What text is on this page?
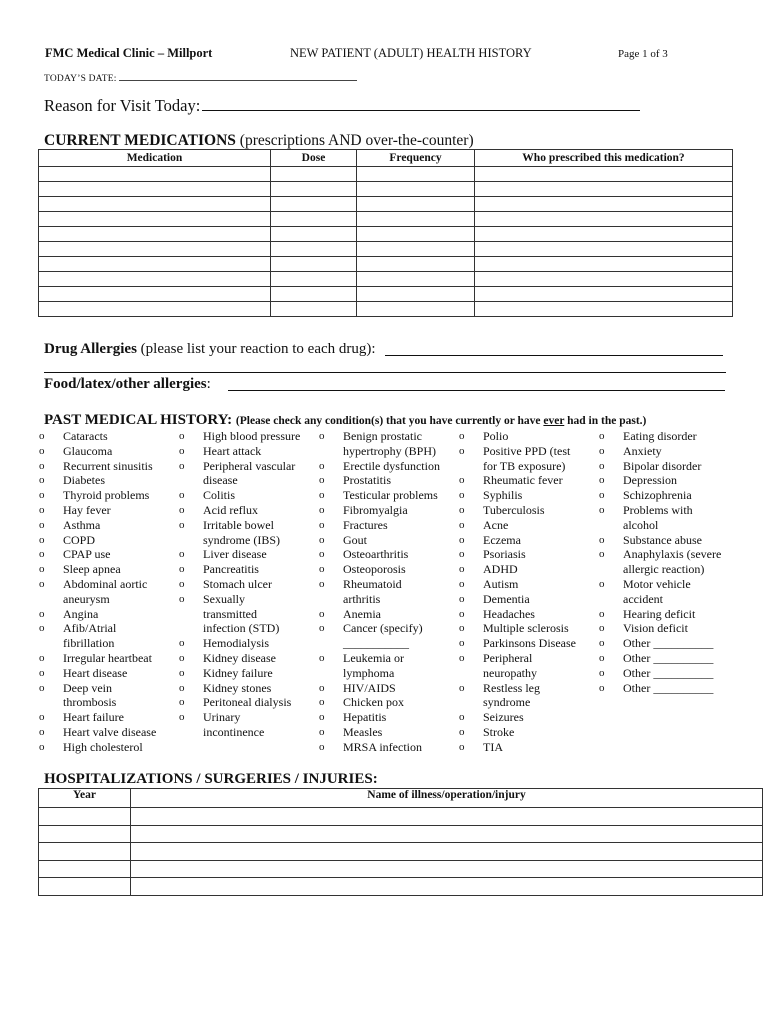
FMC Medical Clinic – Millport	NEW PATIENT (ADULT) HEALTH HISTORY	Page 1 of 3
TODAY’S DATE:
Reason for Visit Today:
CURRENT MEDICATIONS (prescriptions AND over-the-counter)
Medication	Dose	Frequency	Who prescribed this medication?

Drug Allergies (please list your reaction to each drug):
Food/latex/other allergies:
PAST MEDICAL HISTORY: (Please check any condition(s) that you have currently or have ever had in the past.)
o Cataracts
o Glaucoma
o Recurrent sinusitis
o Diabetes
o Thyroid problems
o Hay fever
o Asthma
o COPD
o CPAP use
o Sleep apnea
o Abdominal aortic
aneurysm
o Angina
o Afib/Atrial
fibrillation
o Irregular heartbeat
o Heart disease
o Deep vein
thrombosis
o Heart failure
o Heart valve disease
o High cholesterol
o High blood pressure
o Heart attack
o Peripheral vascular
disease
o Colitis
o Acid reflux
o Irritable bowel
syndrome (IBS)
o Liver disease
o Pancreatitis
o Stomach ulcer
o Sexually
transmitted
infection (STD)
o Hemodialysis
o Kidney disease
o Kidney failure
o Kidney stones
o Peritoneal dialysis
o Urinary
incontinence
o Benign prostatic
hypertrophy (BPH)
o Erectile dysfunction
o Prostatitis
o Testicular problems
o Fibromyalgia
o Fractures
o Gout
o Osteoarthritis
o Osteoporosis
o Rheumatoid
arthritis
o Anemia
o Cancer (specify)
___________
o Leukemia or
lymphoma
o HIV/AIDS
o Chicken pox
o Hepatitis
o Measles
o MRSA infection
o Polio
o Positive PPD (test
for TB exposure)
o Rheumatic fever
o Syphilis
o Tuberculosis
o Acne
o Eczema
o Psoriasis
o ADHD
o Autism
o Dementia
o Headaches
o Multiple sclerosis
o Parkinsons Disease
o Peripheral
neuropathy
o Restless leg
syndrome
o Seizures
o Stroke
o TIA
o Eating disorder
o Anxiety
o Bipolar disorder
o Depression
o Schizophrenia
o Problems with
alcohol
o Substance abuse
o Anaphylaxis (severe
allergic reaction)
o Motor vehicle
accident
o Hearing deficit
o Vision deficit
o Other __________
o Other __________
o Other __________
o Other __________
HOSPITALIZATIONS / SURGERIES / INJURIES:
Year	Name of illness/operation/injury
